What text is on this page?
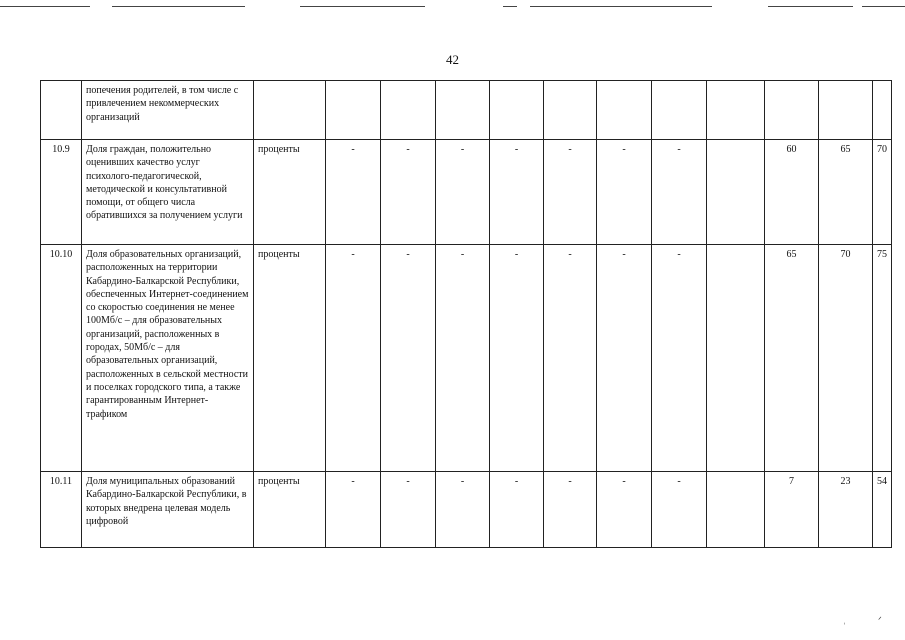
42
	попечения родителей, в том числе с привлечением некоммерческих организаций												
10.9	Доля граждан, положительно оценивших качество услуг психолого-педагогической, методической и консультативной помощи, от общего числа обратившихся за получением услуги	проценты	-	-	-	-	-	-	-		60	65	70
10.10	Доля образовательных организаций, расположенных на территории Кабардино-Балкарской Республики, обеспеченных Интернет-соединением со скоростью соединения не менее 100Мб/с – для образовательных организаций, расположенных в городах, 50Мб/с – для образовательных организаций, расположенных в сельской местности и поселках городского типа, а также гарантированным Интернет-трафиком	проценты	-	-	-	-	-	-	-		65	70	75
10.11	Доля муниципальных образований Кабардино-Балкарской Республики, в которых внедрена целевая модель цифровой	проценты	-	-	-	-	-	-	-		7	23	54
˒	ᐟ
